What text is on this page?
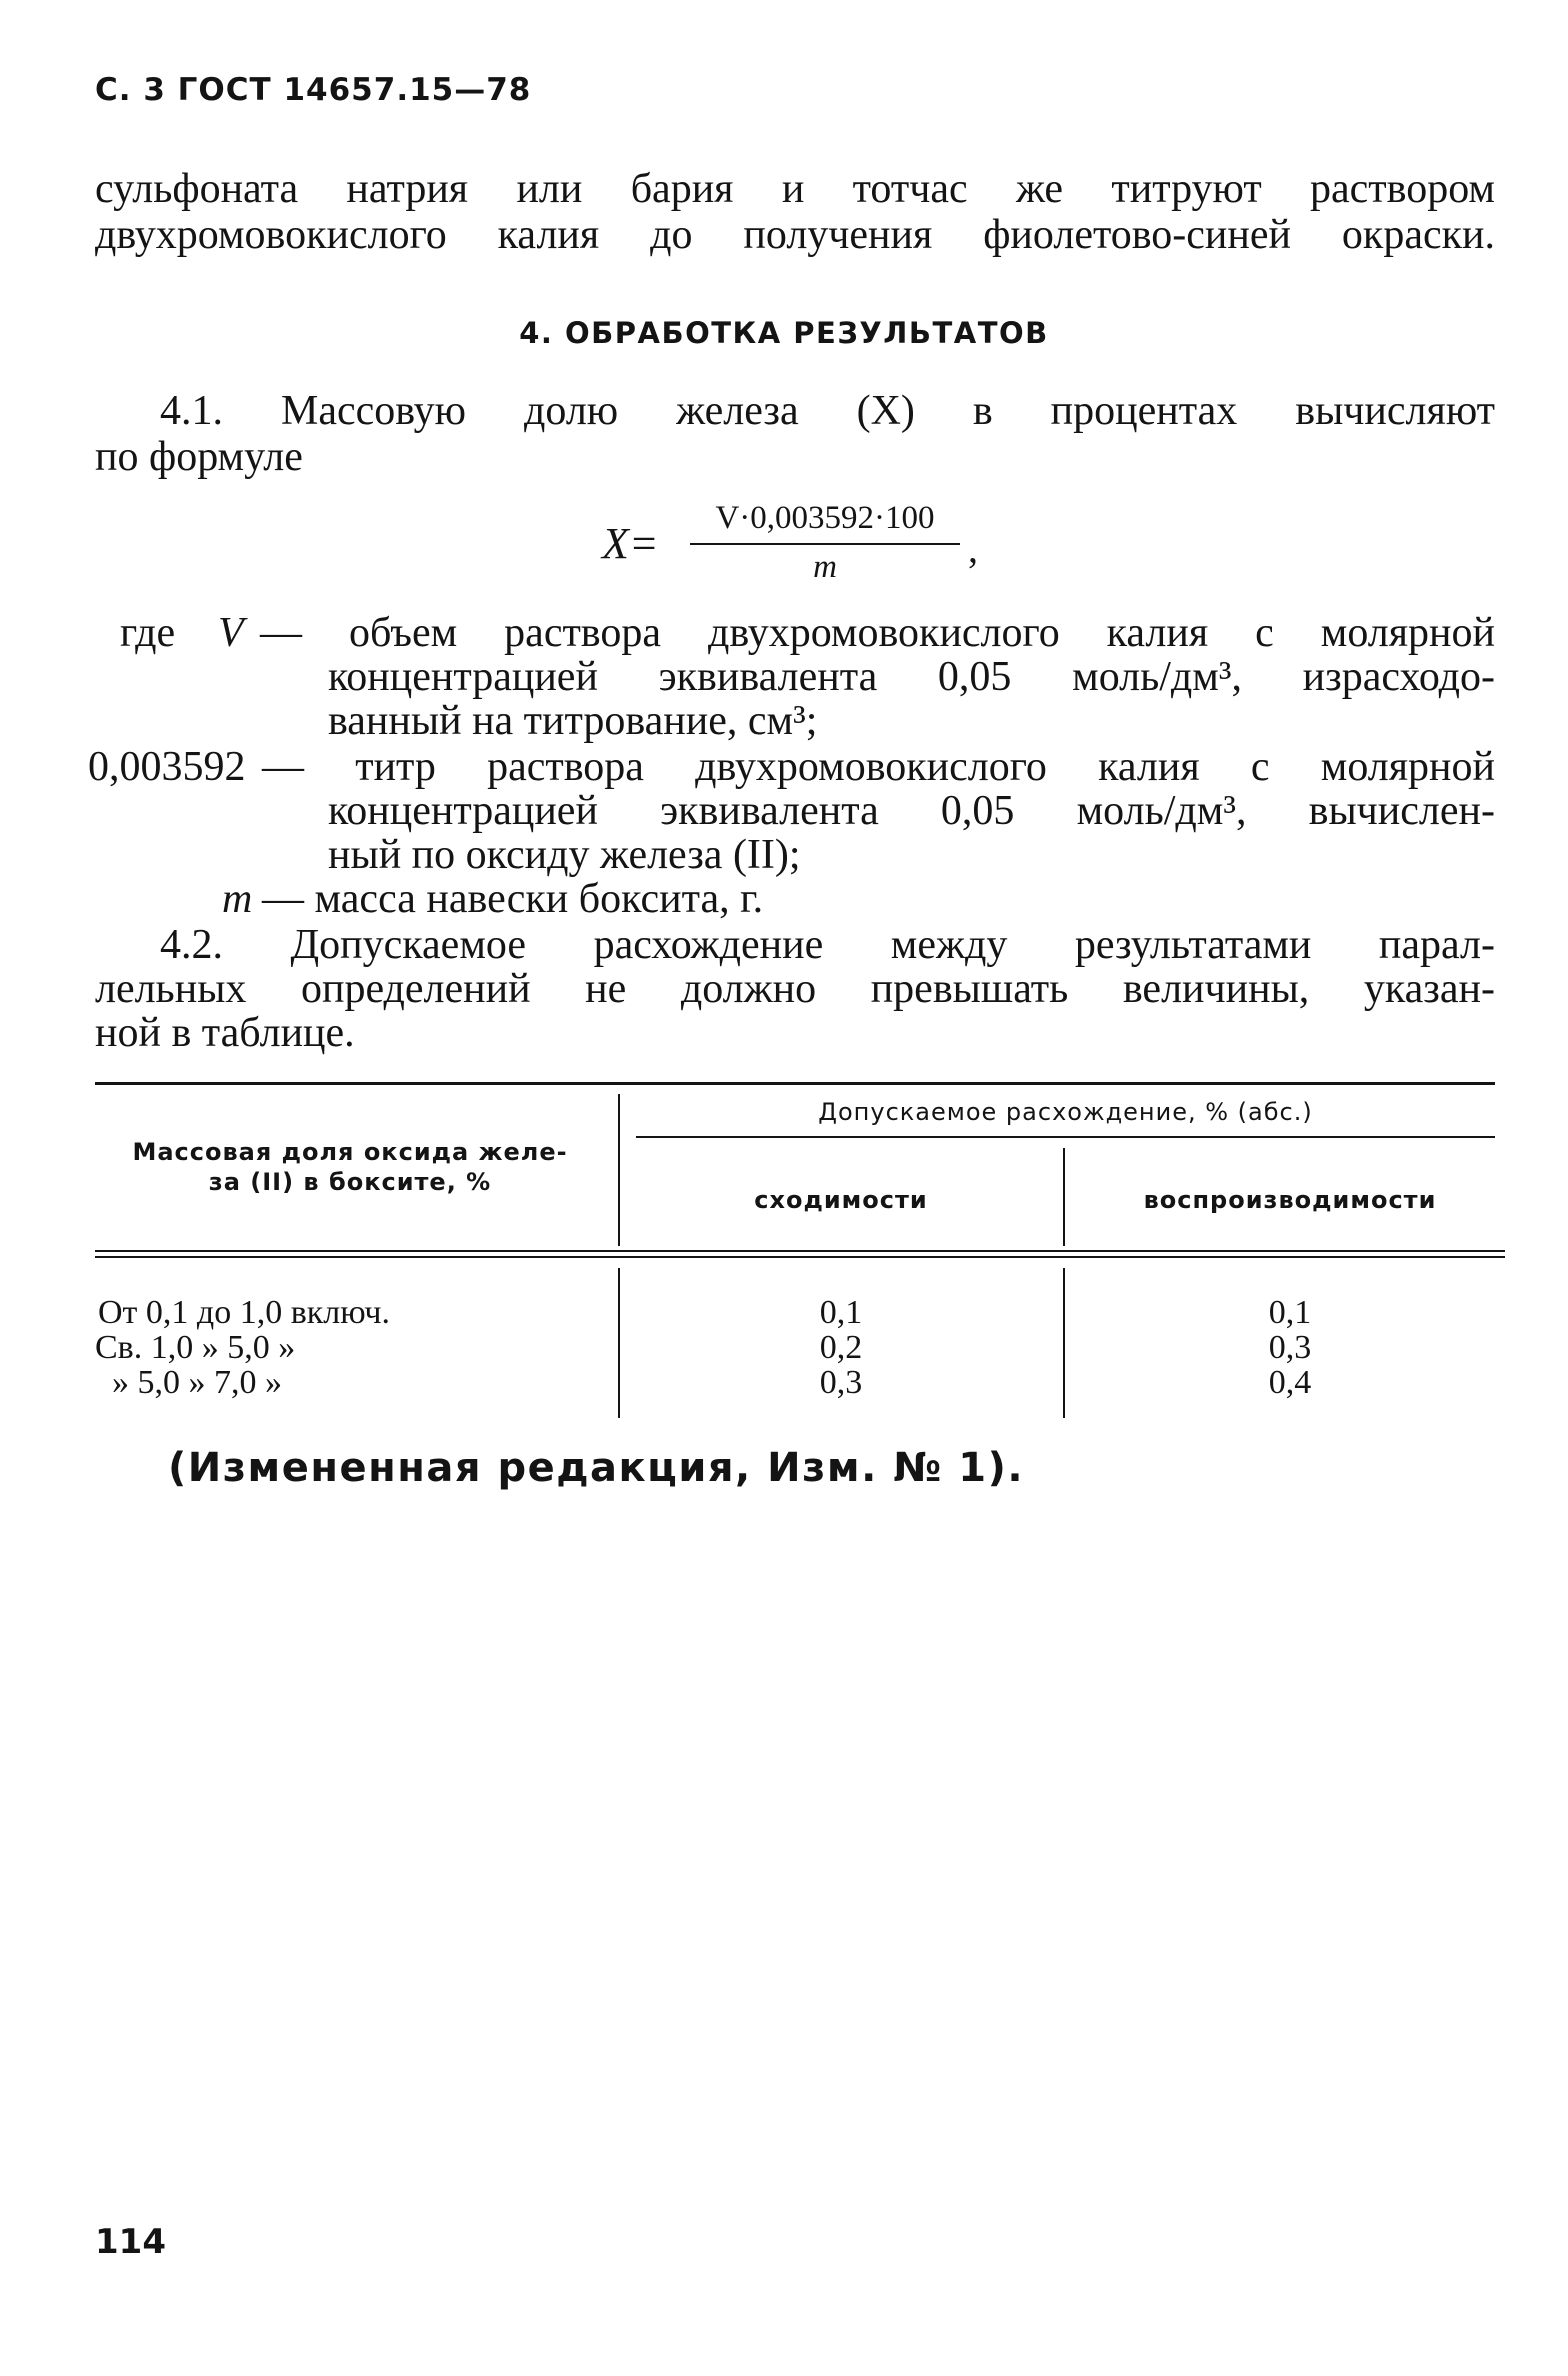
С. 3 ГОСТ 14657.15—78
сульфоната натрия или бария и тотчас же титруют раствором
двухромовокислого калия до получения фиолетово-синей окраски.
4. ОБРАБОТКА РЕЗУЛЬТАТОВ
4.1. Массовую долю железа (X) в процентах вычисляют
по формуле
X=
V·0,003592·100
m	,
где V — объем раствора двухромовокислого калия с молярной
концентрацией эквивалента 0,05 моль/дм³, израсходо-
ванный на титрование, см³;
0,003592 — титр раствора двухромовокислого калия с молярной
концентрацией эквивалента 0,05 моль/дм³, вычислен-
ный по оксиду железа (II);
m — масса навески боксита, г.
4.2. Допускаемое расхождение между результатами парал-
лельных определений не должно превышать величины, указан-
ной в таблице.
Массовая доля оксида желе-
за (II) в боксите, %
Допускаемое расхождение, % (абс.)
сходимости	воспроизводимости
От 0,1 до 1,0 включ.	0,1	0,1
Св. 1,0 » 5,0 »	0,2	0,3
» 5,0 » 7,0 »	0,3	0,4
(Измененная редакция, Изм. № 1).
114
